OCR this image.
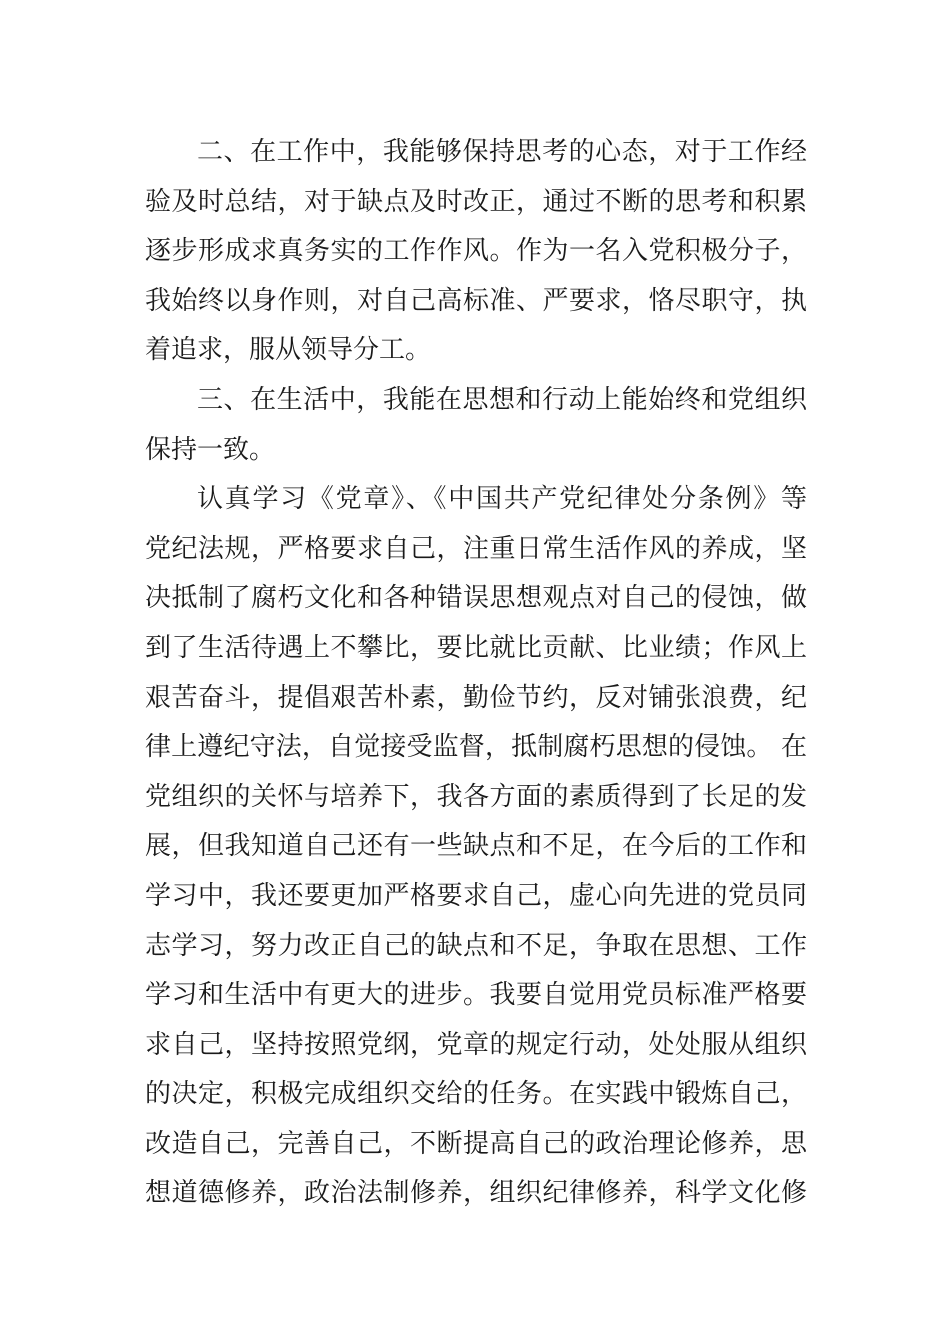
二、在工作中，我能够保持思考的心态，对于工作经
验及时总结，对于缺点及时改正，通过不断的思考和积累
逐步形成求真务实的工作作风。作为一名入党积极分子，
我始终以身作则，对自己高标准、严要求，恪尽职守，执
着追求，服从领导分工。
三、在生活中，我能在思想和行动上能始终和党组织
保持一致。
认真学习《党章》、《中国共产党纪律处分条例》等
党纪法规，严格要求自己，注重日常生活作风的养成，坚
决抵制了腐朽文化和各种错误思想观点对自己的侵蚀，做
到了生活待遇上不攀比，要比就比贡献、比业绩；作风上
艰苦奋斗，提倡艰苦朴素，勤俭节约，反对铺张浪费，纪
律上遵纪守法，自觉接受监督，抵制腐朽思想的侵蚀。 在
党组织的关怀与培养下，我各方面的素质得到了长足的发
展，但我知道自己还有一些缺点和不足，在今后的工作和
学习中，我还要更加严格要求自己，虚心向先进的党员同
志学习，努力改正自己的缺点和不足，争取在思想、工作
学习和生活中有更大的进步。我要自觉用党员标准严格要
求自己，坚持按照党纲，党章的规定行动，处处服从组织
的决定，积极完成组织交给的任务。在实践中锻炼自己，
改造自己，完善自己，不断提高自己的政治理论修养，思
想道德修养，政治法制修养，组织纪律修养，科学文化修
